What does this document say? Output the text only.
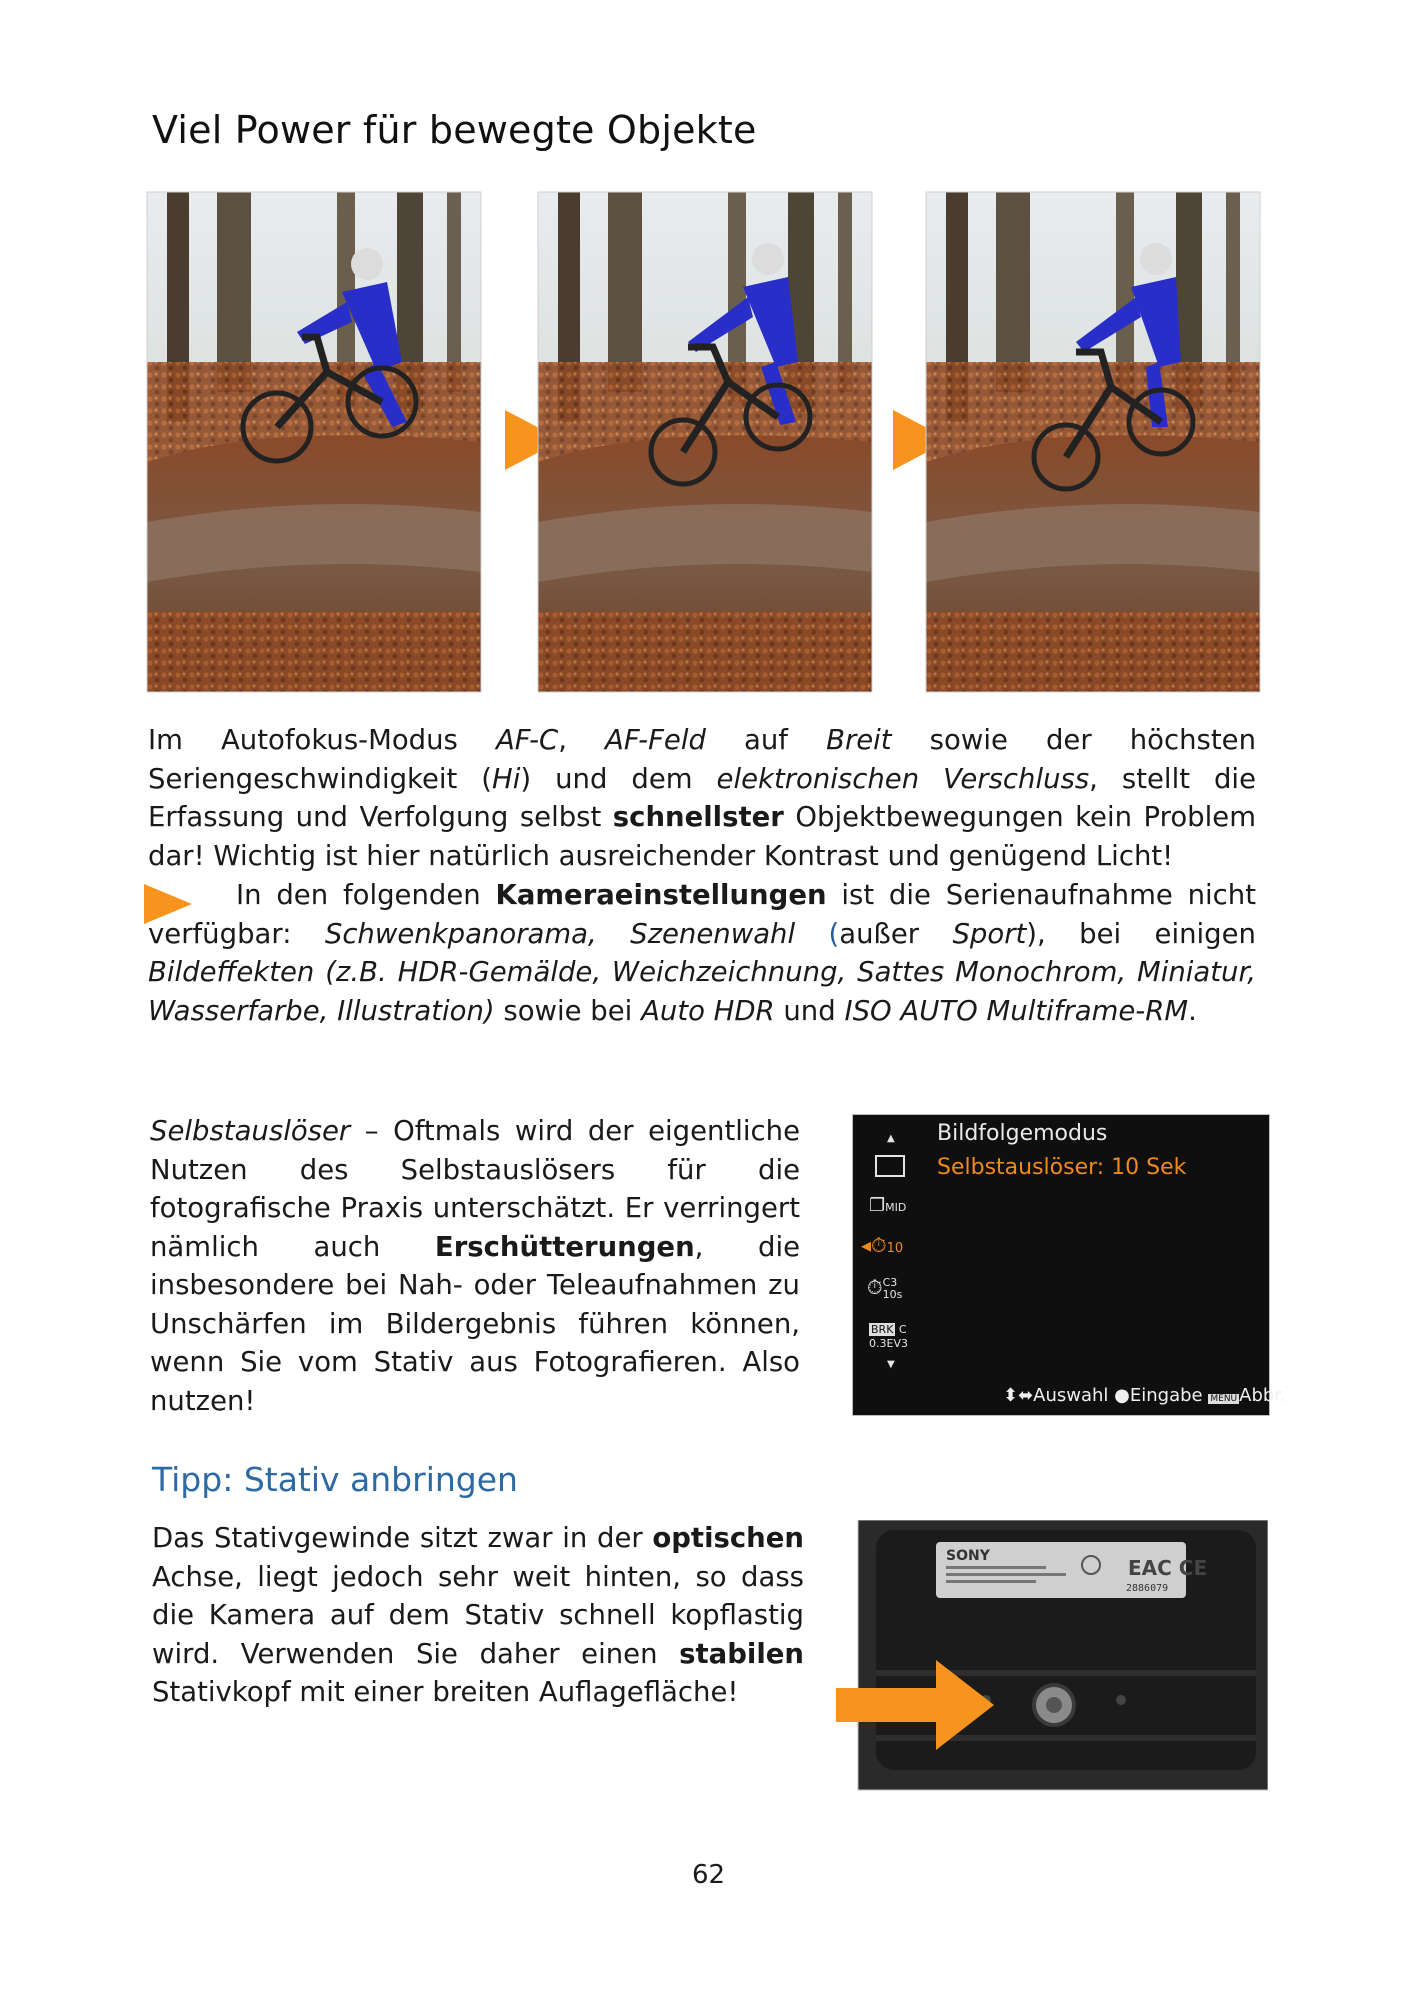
Viel Power für bewegte Objekte
Im Autofokus-Modus AF-C, AF-Feld auf Breit sowie der höchsten Seriengeschwindigkeit (Hi) und dem elektronischen Verschluss, stellt die Erfassung und Verfolgung selbst schnellster Objektbewegungen kein Problem dar! Wichtig ist hier natürlich ausreichender Kontrast und genügend Licht!
In den folgenden Kameraeinstellungen ist die Serienaufnahme nicht verfügbar: Schwenkpanorama, Szenenwahl (außer Sport), bei einigen Bildeffekten (z.B. HDR-Gemälde, Weichzeichnung, Sattes Monochrom, Miniatur, Wasserfarbe, Illustration) sowie bei Auto HDR und ISO AUTO Multiframe-RM.
Selbstauslöser – Oftmals wird der eigentliche Nutzen des Selbstauslösers für die fotografische Praxis unterschätzt. Er verringert nämlich auch Erschütterungen, die insbesondere bei Nah- oder Teleaufnahmen zu Unschärfen im Bildergebnis führen können, wenn Sie vom Stativ aus Fotografieren. Also nutzen!
Bildfolgemodus
Selbstauslöser: 10 Sek
▲
❐MID
◂⏱10
⏱C3
10s
BRK C
0.3EV3
▼
⬍⬌Auswahl ●Eingabe MENU Abbr.
Tipp: Stativ anbringen
Das Stativgewinde sitzt zwar in der optischen Achse, liegt jedoch sehr weit hinten, so dass die Kamera auf dem Stativ schnell kopflastig wird. Verwenden Sie daher einen stabilen Stativkopf mit einer breiten Auflagefläche!
SONY	EAC CE
2886079
62
